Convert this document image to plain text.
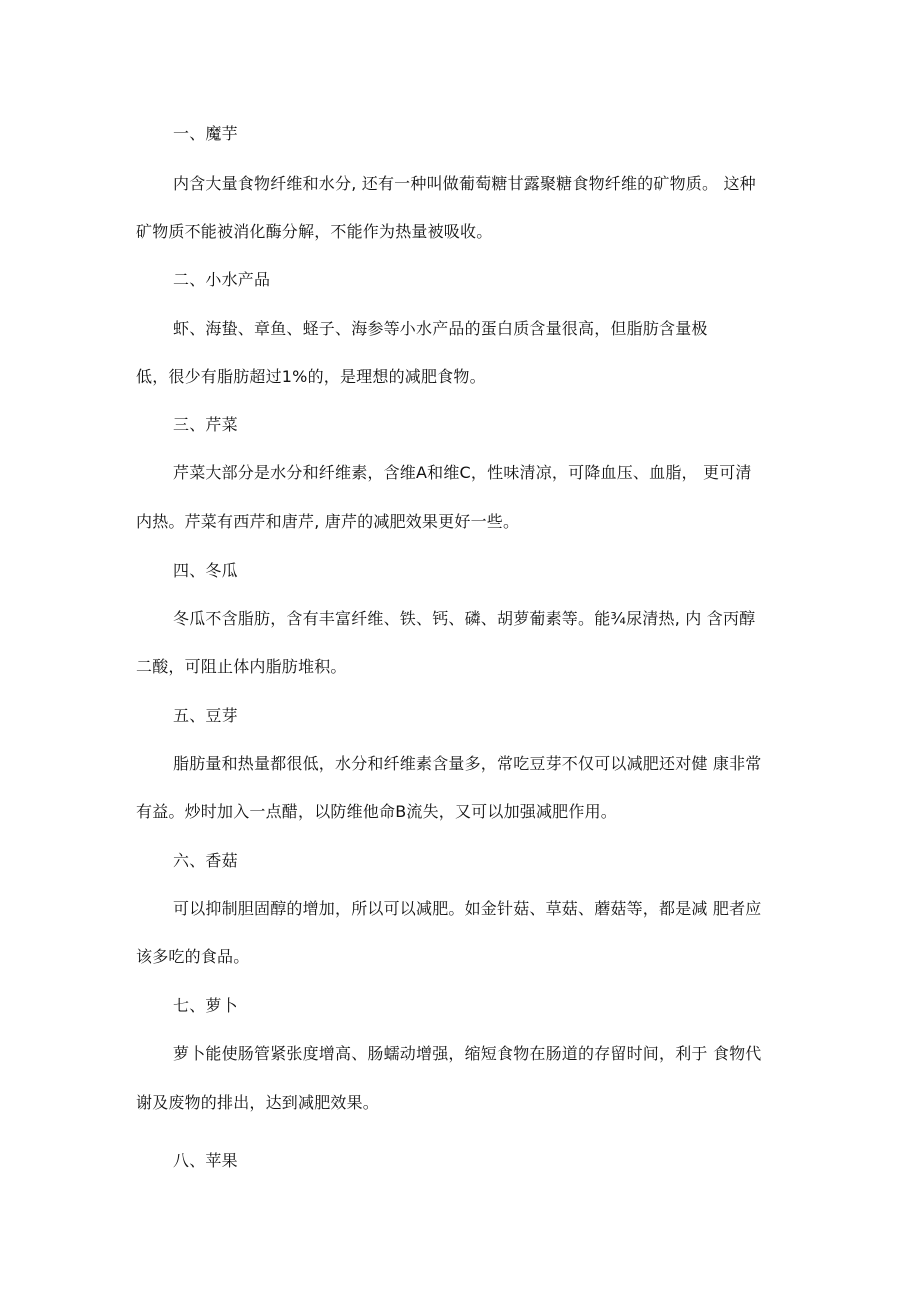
一、魔芋
内含大量食物纤维和水分, 还有一种叫做葡萄糖甘露聚糖食物纤维的矿物质。 这种
矿物质不能被消化酶分解，不能作为热量被吸收。
二、小水产品
虾、海蛰、章鱼、蛏子、海参等小水产品的蛋白质含量很高，但脂肪含量极
低，很少有脂肪超过1%的，是理想的减肥食物。
三、芹菜
芹菜大部分是水分和纤维素，含维A和维C，性味清凉，可降血压、血脂， 更可清
内热。芹菜有西芹和唐芹, 唐芹的减肥效果更好一些。
四、冬瓜
冬瓜不含脂肪，含有丰富纤维、铁、钙、磷、胡萝葡素等。能¾尿清热, 内 含丙醇
二酸，可阻止体内脂肪堆积。
五、豆芽
脂肪量和热量都很低，水分和纤维素含量多，常吃豆芽不仅可以减肥还对健 康非常
有益。炒时加入一点醋，以防维他命B流失，又可以加强减肥作用。
六、香菇
可以抑制胆固醇的增加，所以可以减肥。如金针菇、草菇、蘑菇等，都是减 肥者应
该多吃的食品。
七、萝卜
萝卜能使肠管紧张度增高、肠蠕动增强，缩短食物在肠道的存留时间，利于 食物代
谢及废物的排出，达到减肥效果。
八、苹果
